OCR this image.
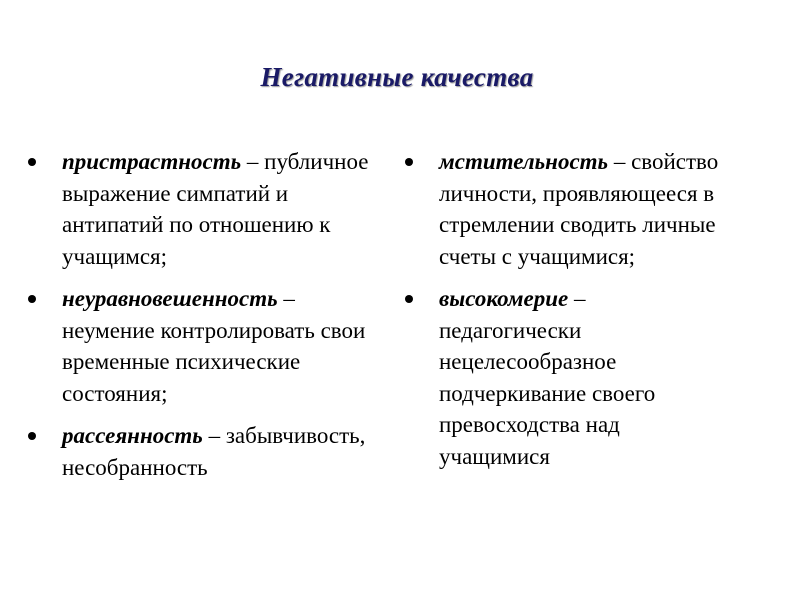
Негативные качества
пристрастность – публичное выражение симпатий и антипатий по отношению к учащимся;
неуравновешенность – неумение контролировать свои временные психические состояния;
рассеянность – забывчивость, несобранность
мстительность – свойство личности, проявляющееся в стремлении сводить личные счеты с учащимися;
высокомерие – педагогически нецелесообразное подчеркивание своего превосходства над учащимися
